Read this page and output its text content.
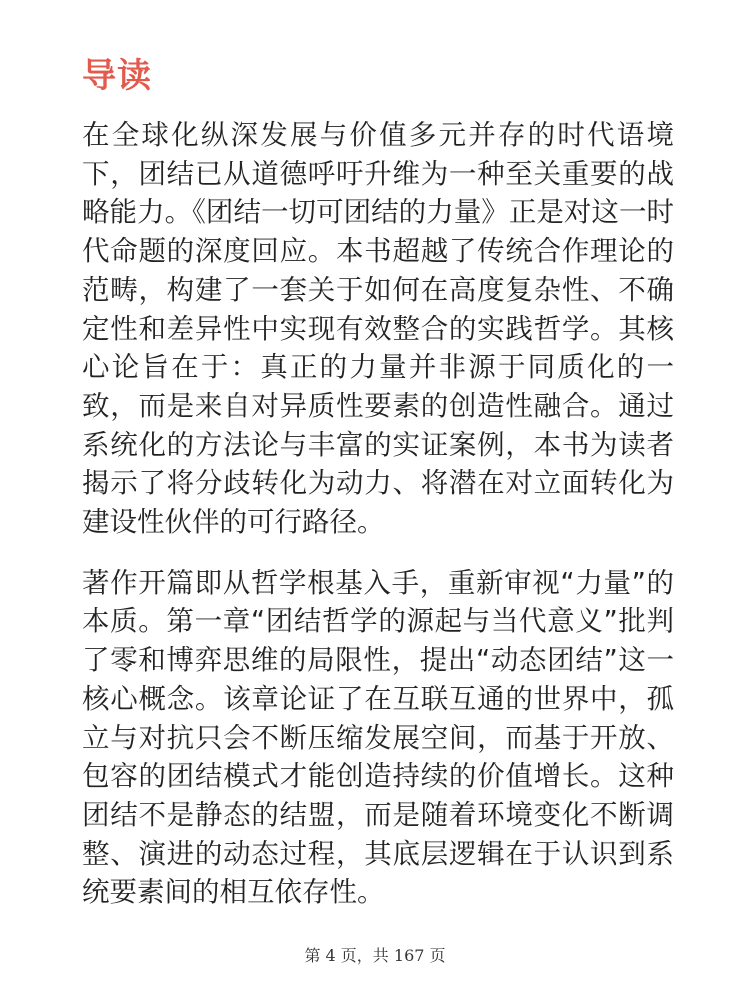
导读

在全球化纵深发展与价值多元并存的时代语境下，团结已从道德呼吁升维为一种至关重要的战略能力。《团结一切可团结的力量》正是对这一时代命题的深度回应。本书超越了传统合作理论的范畴，构建了一套关于如何在高度复杂性、不确定性和差异性中实现有效整合的实践哲学。其核心论旨在于：真正的力量并非源于同质化的一致，而是来自对异质性要素的创造性融合。通过系统化的方法论与丰富的实证案例，本书为读者揭示了将分歧转化为动力、将潜在对立面转化为建设性伙伴的可行路径。

著作开篇即从哲学根基入手，重新审视“力量”的本质。第一章“团结哲学的源起与当代意义”批判了零和博弈思维的局限性，提出“动态团结”这一核心概念。该章论证了在互联互通的世界中，孤立与对抗只会不断压缩发展空间，而基于开放、包容的团结模式才能创造持续的价值增长。这种团结不是静态的结盟，而是随着环境变化不断调整、演进的动态过程，其底层逻辑在于认识到系统要素间的相互依存性。

第 4 页，共 167 页
